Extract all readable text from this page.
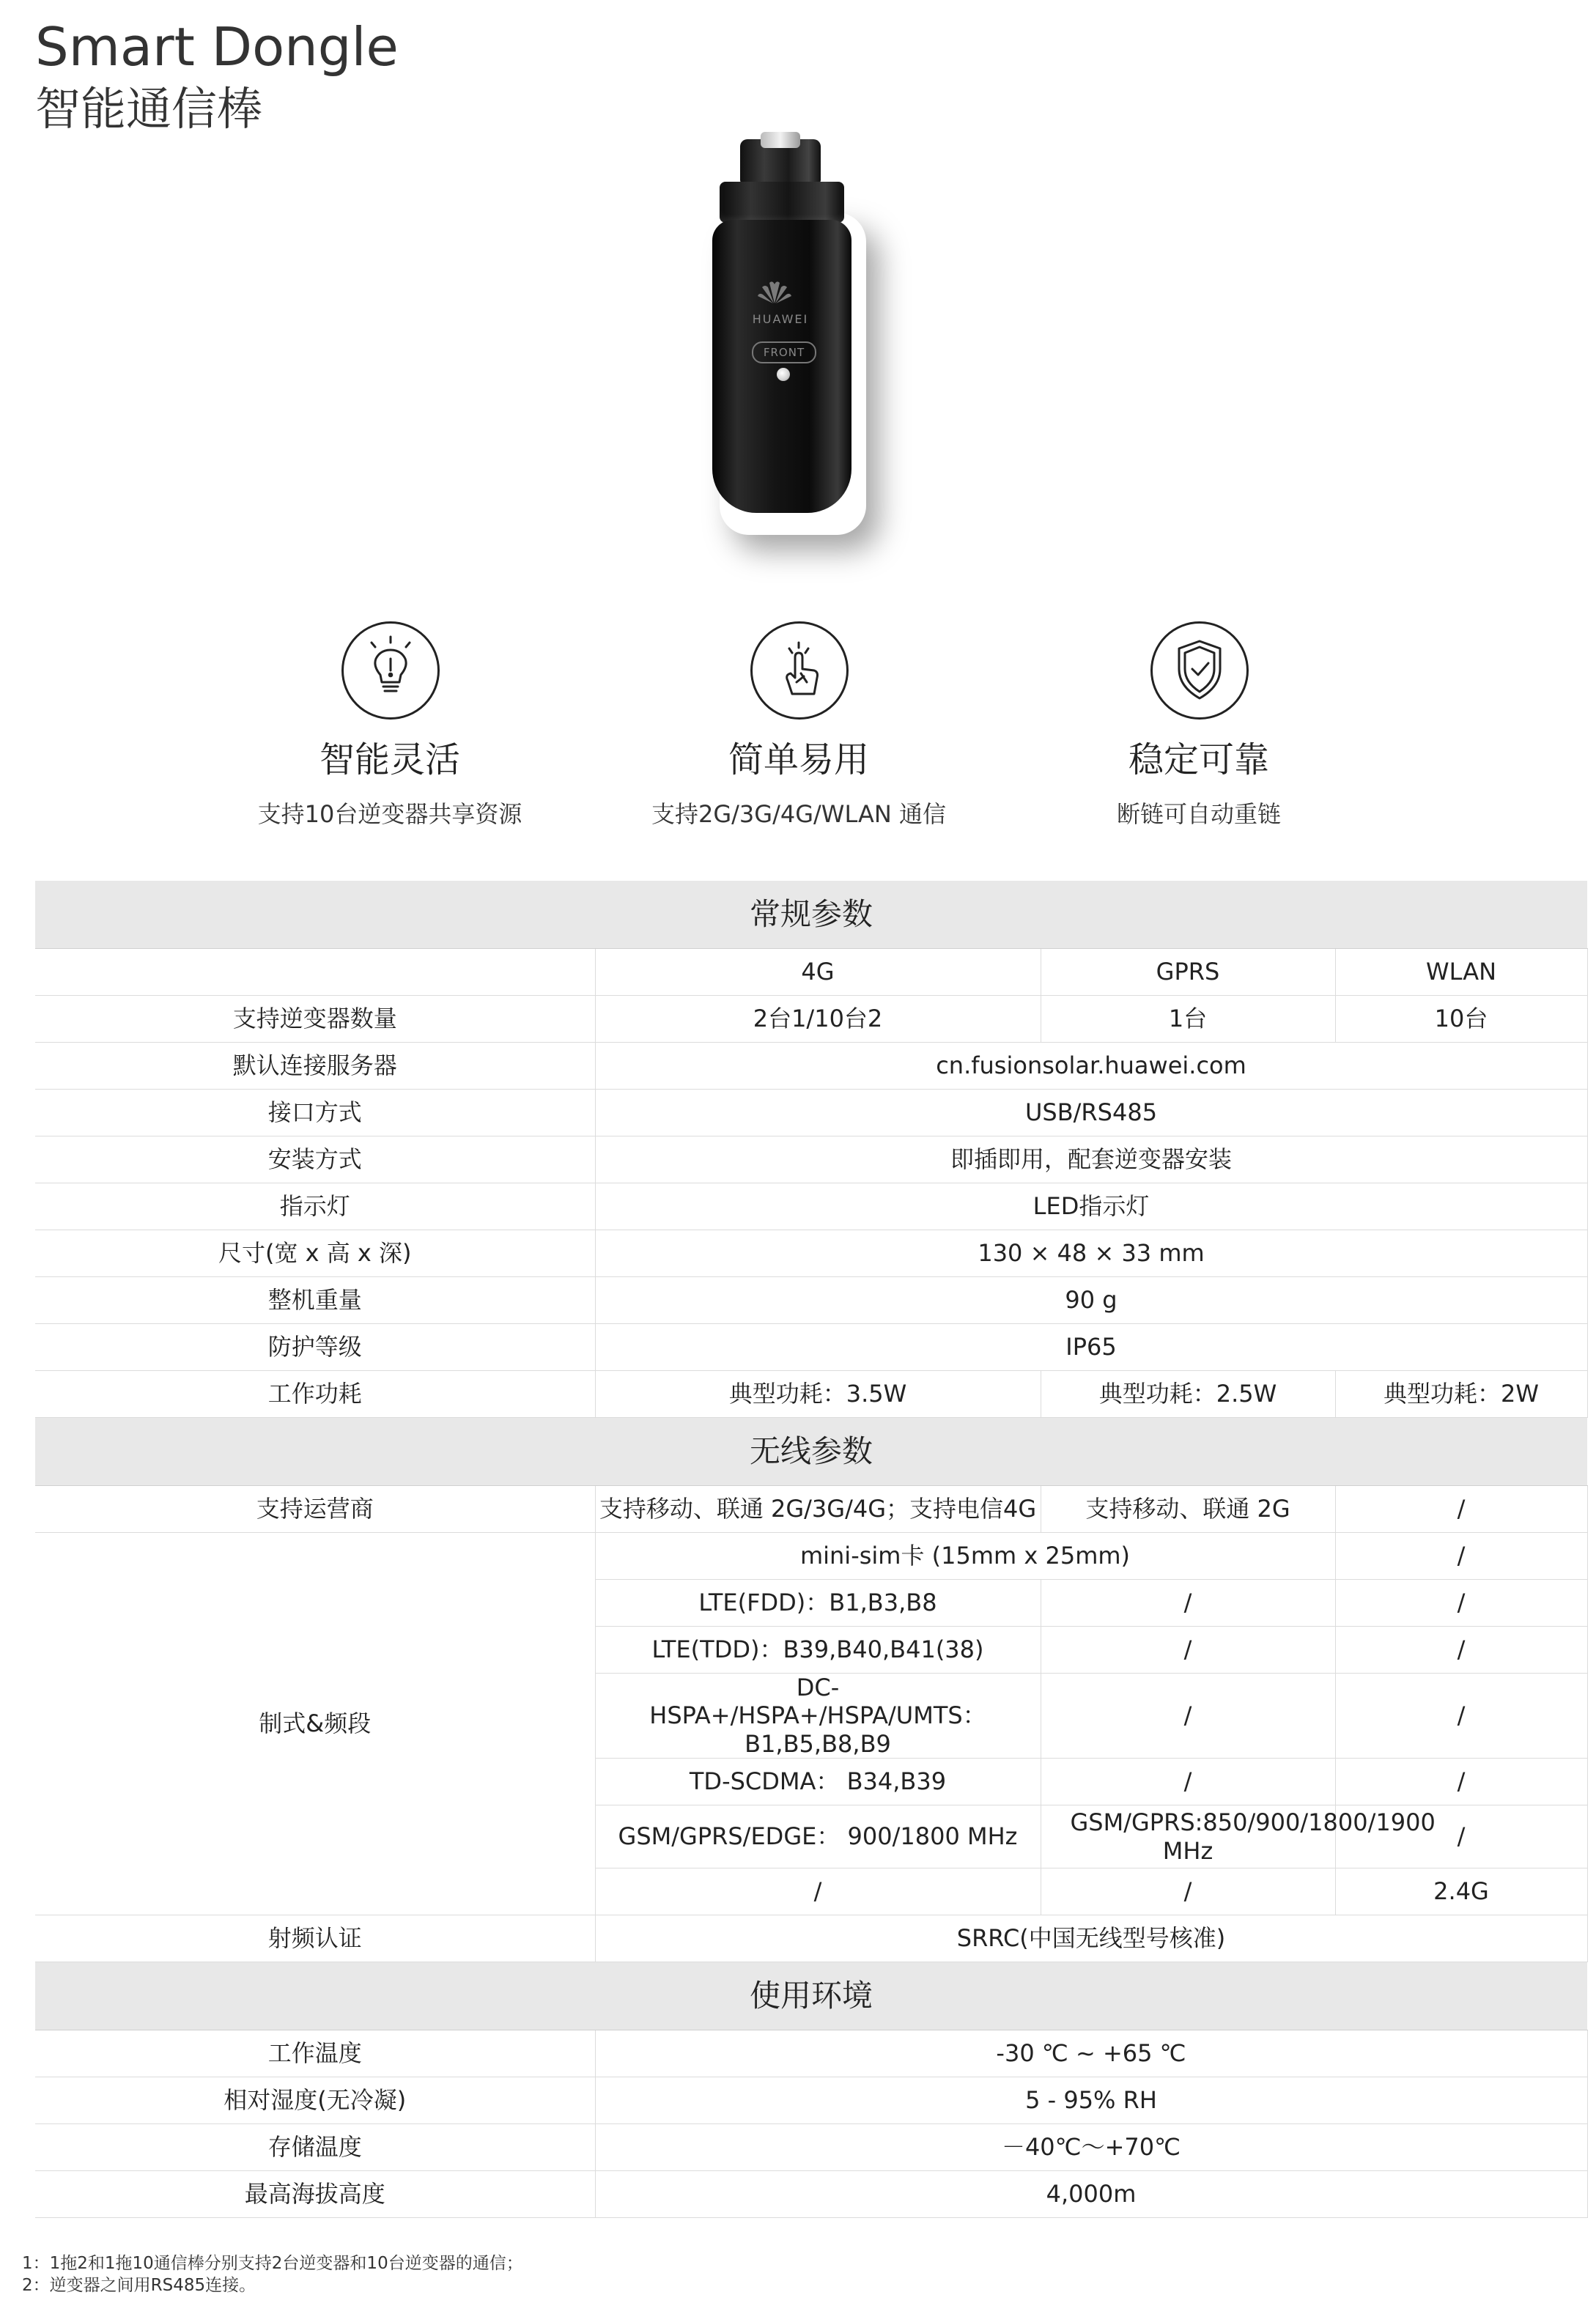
Smart Dongle
智能通信棒
HUAWEI
FRONT
智能灵活
支持10台逆变器共享资源
简单易用
支持2G/3G/4G/WLAN 通信
稳定可靠
断链可自动重链
常规参数			
	4G	GPRS	WLAN
支持逆变器数量	2台1/10台2	1台	10台
默认连接服务器	cn.fusionsolar.huawei.com		
接口方式	USB/RS485		
安装方式	即插即用，配套逆变器安装		
指示灯	LED指示灯		
尺寸(宽 x 高 x 深)	130 × 48 × 33 mm		
整机重量	90 g		
防护等级	IP65		
工作功耗	典型功耗：3.5W	典型功耗：2.5W	典型功耗：2W
无线参数			
支持运营商	支持移动、联通 2G/3G/4G；支持电信4G	支持移动、联通 2G	/
制式&频段	mini-sim卡 (15mm x 25mm)		/
	LTE(FDD)：B1,B3,B8	/	/
	LTE(TDD)：B39,B40,B41(38)	/	/
	DC-HSPA+/HSPA+/HSPA/UMTS：B1,B5,B8,B9	/	/
	TD-SCDMA： B34,B39	/	/
	GSM/GPRS/EDGE： 900/1800 MHz	GSM/GPRS:850/900/1800/1900 MHz	/
	/	/	2.4G
射频认证	SRRC(中国无线型号核准)		
使用环境			
工作温度	-30 ℃ ~ +65 ℃		
相对湿度(无冷凝)	5 - 95% RH		
存储温度	－40℃～+70℃		
最高海拔高度	4,000m		
1：1拖2和1拖10通信棒分别支持2台逆变器和10台逆变器的通信；
2：逆变器之间用RS485连接。
